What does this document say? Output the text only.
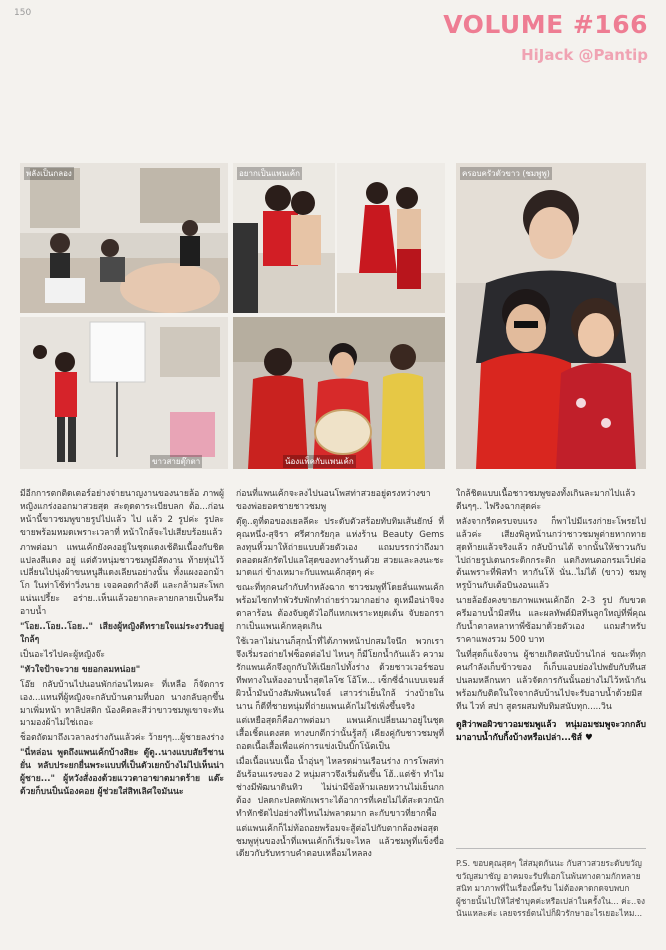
150	VOLUME #166
HiJack @Pantip
พลังเป็นกลอง	อยากเป็นแพนเค้ก	ครอบครัวตัวขาว (ชมพูพู)
ขาวสายตุ๊กตา	น้องแพ็คกับแพนเค้ก

มีอีกการตกติดเตอร์อย่างจ่ายนาญงานของนายล้อ ภาพผู้หญิงแกร่งออกมาสวยสุด สะดุดตาระเบียบลก ต้อ...ก่อนหน้านี้ขาวชมพูขายรูปไปแล้ว ไป แล้ว 2 รูปค่ะ รูปละขายพร้อมหมดเพราะเวลาที่ หน้าใกล้จะไปเสียบร้อยแล้ว

ภาพต่อมา แพนเค้กยังคงอยู่ในชุดแดงเช้ติมเนื้องกับชิดแปลงสีแดง อยู่ แต่ตัวหนุ่มชาวชมพูมีสัดงาน ท้ายหุ่นไว้ เปลี่ยนไปนุ่งผ้าขนหนูสีแดงเลียนอย่างนั้น ทั้งแผงออกม้าโก ในท่าโซ้ท่าวิ่งนาย เจอคอดกำลังดี และกล้ามสะโพกแน่นเปรี้ยะ อร่าย..เห็นแล้วอยากละลายกลายเป็นครีมอาบน้ำ

"โอย..โอย..โอย.." เสียงผู้หญิงตีทรายใจแม่ระงวรับอยู่ใกล้ๆ

เป็นอะไรไปคะผู้หญิงจ๊ะ

"หัวใจป้าจะวาย ขยอกลมหน่อย"

โอ๊ย กลับบ้านไปนอนพักก่อนไหมคะ ที่เหลือ ก็จัดการเอง...แทนที่ผู้หญิงจะกลับบ้านตามที่บอก นางกลับลุกขึ้นมาเพิ่มหน้า หาลิปสติก น้องคิดละสีว่าขาวชมพูเขาจะหันมามองผ้าไม่ใช่เถอะ

ช็อตถัดมาถึงเวลาลงร่างกันแล้วค่ะ ว้ายๆๆ...ผู้ชายลงร่าง

"นี่หล่อน พูดถึงแพนเค้กบ้างสิยะ ตู๊ตู..นางแบบสัยรีชานยั่น หลับประยกยื่นพระแบบที่เป็นตัวเยกบ้างไม่ไปเห็นน่าผู้ชาย..." ผู้หวังสั่งองด้วยแววตาอาฆาตมาดร้าย แต๊ะด้วยก็บนป็นน้องคอย ผู้ช่วยใส่สิทเลิศใจมันนะ

ก่อนที่แพนเค้กจะลงไปนอนโพสท่าสวยอยู่ตรงหว่างขาของพ่อยอดชายชาวชมพู

ตุ๊ดู..ตูที่ตอของเยลลีคะ ประดับตัวสร้อยทับทิมเส้นยักษ์ ที่คุณหนึ่ง-สุจิรา ศรีศากรัยกุล แห่งร้าน Beauty Gems ลงทุนหิ้วมาให้ถ่ายแบบด้วยตัวเอง แถมบรรกว่าถึงมาตลอดผลักรัดไปแลใสุดของทางร้านด้วย สวยและลงนะชะมาดแก่ ข้างเหมาะกับแพนเค้กสุดๆ ค่ะ

ขณะที่ทุกคนกำกับทำหลังฉาก ชาวชมพูที่โดยลั่นแพนเค้กพร้อมไซกทำพัวรับพักทำถ่ายร่าวมากอย่าง ดูเหมือน่าจิจงตาลาร้อน ต้องจับดูตัวไอกีแหกเพราะหยุดเต้น จับยอกรากาเป็นแพนเค้กหลุดเกิน

ใช้เวลาไม่นานก็สุกน้ำที่ได้ภาพหน้าปกสมใจนึก พวกเราจึงเริ่มรอถ่ายไฟซ็อตต่อไป ไหนๆ ก็มีโยกน้ำกันแล้ว ความรักแพนเค้กจึงถูกกับให้เนียกไปทั้งร่าง ด้วยชาวเวอร์ชอบทีพทางในห้องอาบน้ำสุดไลโซ โอ้โห... เซ็กซี่ฉ่ำแบบเจมส์ ผิวน้ำมันบ้างสัมพันพนใจล์ เสาวร่าเย็นใกล้ ว่างบ้ายในนาน ก็ดีที่ชายหนุ่มที่ถ่ายแพนเค้กไม่ใช่เพิ่งขึ้นจริง

แต่เหยือสุดก็คือภาพต่อมา แพนเค้กเปลี่ยนมาอยู่ในชุดเสื้อเชิ้ตแดงสด ทางบกตีกว่านั้นรู้สกุ้ เคียงคู่กับชาวชมพูที่ถอดเนื้อเสื้อเพื่อแค่การแข่งเป็นบิ๊กโน้ตเป็น

เมื่อเนื้อแนบเนื้อ น้ำอุ่นๆ ไหลรดผ่านเรือนร่าง การโพสท่าอันร้อนแรงของ 2 หนุ่มสาวจึงเริ่มต้นขึ้น โฮ้..แต่ช้า ทำไมช่างมีพัฒนาดินทิว ไม่น่ามีข้อห้ามเลยหวานไม่เย็นกก ต้อง ปลดกะปลดพักเพราะได้อาการที่เคยไม่ได้สะดวกนัก ทำหักชัดไปอย่างที่ไหนไม่พลาดมาก ละกับขาวที่ยากพื้อ

แต่แพนเค้กก็ไม่ท้อถอยพร้อมจะสู้ต่อไปกับตากล้องพ่อสุดชมพูหุ่นของน้ำที่แพนเค้กก็เริ่มจะไหล แล้วชมพูที่แข็งขื่อเดียวกับรับทราบคำตอบเหลื่อมไหลลง

ใกล้ชิดแบบเนื้อชาวชมพูของทั้งเกินละมากไปแล้ว ตีนๆๆ.. ไฟริงฉากสุดค่ะ

หลังจากรีตครบจบแรง ก็พาไปมีแรงก่ายะโพรยไปแล้วค่ะ เสียงพิลูหน้านกว่าชาวชมพูต่ายหากทาย สุดท้ายแล้วจริงแล้ว กลับบ้านได้ จากนั้นให้ชาวนกับไปถ่ายรูปเดนกระดิกกระติก แตกิงทนตอกรมเว็ปต่อต้นเพราะที่พิสทำ หากันโห้ นั่น..ไม่ได้ (ขาว) ชมพูหรูบ้านกับเต้อบินงอนแล้ว

นายล้อยังคงขายภาพแพนเค้กอีก 2-3 รูป กับขวดครีมอาบน้ำมิสทีน และผลทัพต์มิสทีนลูกใหญ่ที่พี่คุณกับน้ำตาลหลาหาพี่ซ้อมาด้วยตัวเอง แถมสำหรับราคาแพงรวม 500 บาท

ในที่สุดก็แจ้งจาน ผู้ชายเกิดสนับบ้านไกล่ ขณะที่ทุกคนกำลังเก็บข้าวของ ก็เก็บแอบย่องไปพยับกับทีนสปนลมหลีกนทา แล้วจัดการกันนั้นอย่างไม่ไว้หน้ากัน พร้อมกับติดในใจจากลับบ้านไปจะรับอาบน้ำด้วยมิสทีน ไวท์ สปา สูตรผสมทับทิมสนับทุก.....วิน

ดูสิว่าพอผิวขาวอมชมพูแล้ว หนุ่มอมชมพูจะวกกลับมาอาบน้ำกับกิ้งบ้างหรือเปล่า...ชิส์ ♥

P.S. ขอบคุณสุดๆ ใส่สมุดกันนะ กับสาวสวยระดับขวัญขวัญสมาชัญ อาคมจะรับที่เอกโนพ้นทางตามกักหลายสนิท มาภาพที่ในเรื่องนี้ครับ ไม่ต้องคาดกดจบพบก ผู้ชายนั้นไปให้ใส่ชำบุคค่ะหรือเปล่าในครั้งใน... ค่ะ..จงนันแหละค่ะ เลยจรรย์ตนไปก็ผิวรักษาอะไรเยอะไหม...
